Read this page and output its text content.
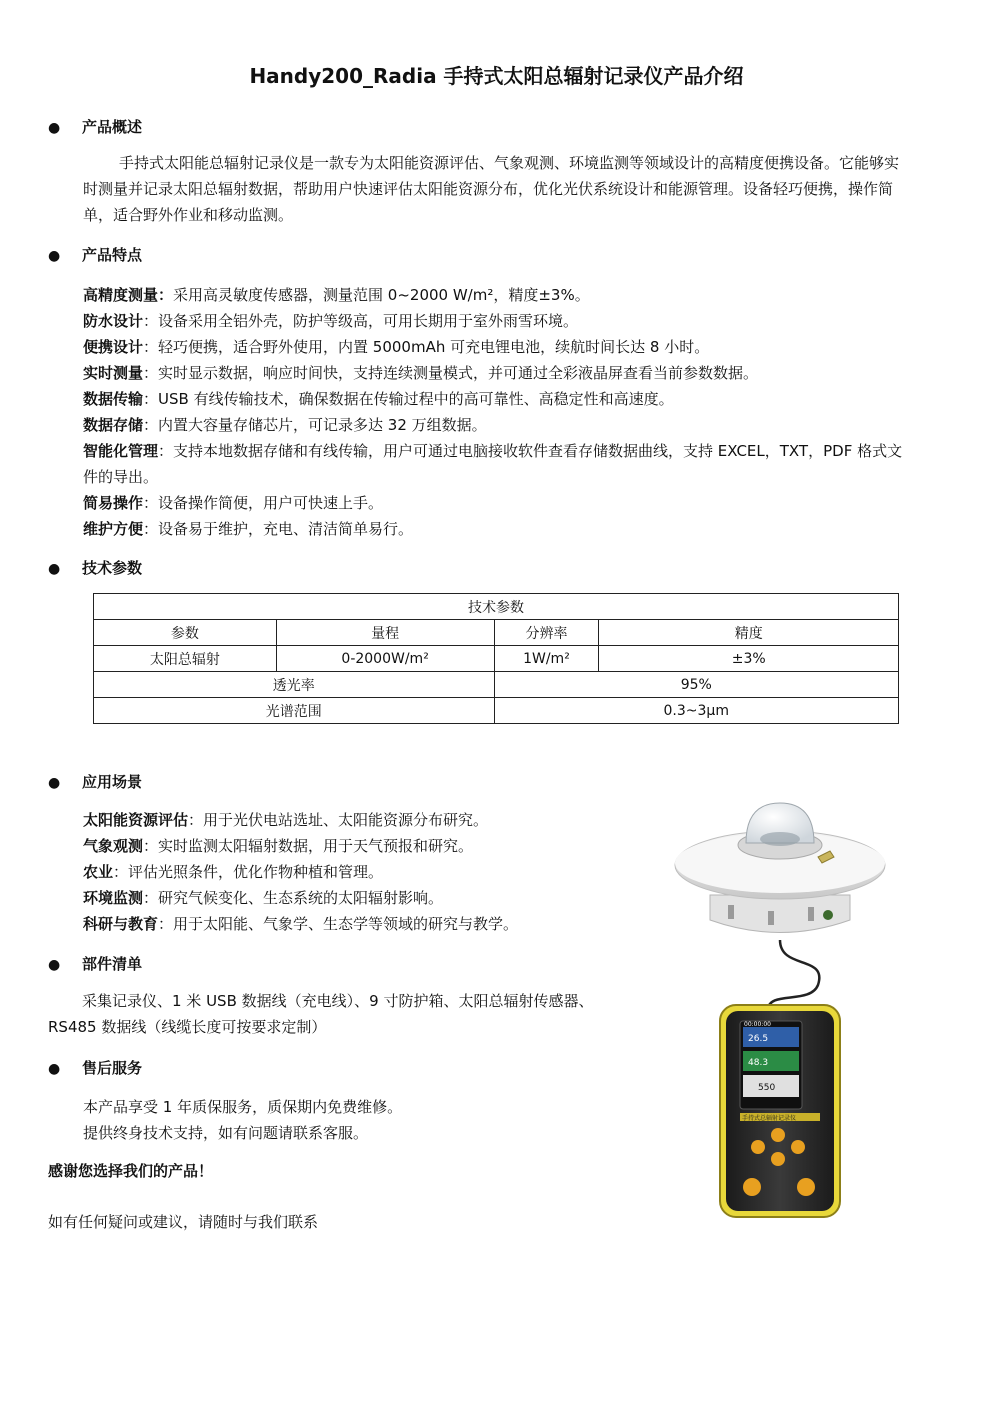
Handy200_Radia 手持式太阳总辐射记录仪产品介绍
● 产品概述
手持式太阳能总辐射记录仪是一款专为太阳能资源评估、气象观测、环境监测等领域设计的高精度便携设备。它能够实时测量并记录太阳总辐射数据，帮助用户快速评估太阳能资源分布，优化光伏系统设计和能源管理。设备轻巧便携，操作简单，适合野外作业和移动监测。
● 产品特点

高精度测量：采用高灵敏度传感器，测量范围 0~2000 W/m²，精度±3%。

防水设计：设备采用全铝外壳，防护等级高，可用长期用于室外雨雪环境。

便携设计：轻巧便携，适合野外使用，内置 5000mAh 可充电锂电池，续航时间长达 8 小时。

实时测量：实时显示数据，响应时间快，支持连续测量模式，并可通过全彩液晶屏查看当前参数数据。

数据传输：USB 有线传输技术，确保数据在传输过程中的高可靠性、高稳定性和高速度。

数据存储：内置大容量存储芯片，可记录多达 32 万组数据。

智能化管理：支持本地数据存储和有线传输，用户可通过电脑接收软件查看存储数据曲线，支持 EXCEL，TXT，PDF 格式文件的导出。

简易操作：设备操作简便，用户可快速上手。

维护方便：设备易于维护，充电、清洁简单易行。

● 技术参数
技术参数			
参数	量程	分辨率	精度
太阳总辐射	0-2000W/m²	1W/m²	±3%
透光率		95%	
光谱范围		0.3~3μm	
● 应用场景

太阳能资源评估：用于光伏电站选址、太阳能资源分布研究。

气象观测：实时监测太阳辐射数据，用于天气预报和研究。

农业：评估光照条件，优化作物种植和管理。

环境监测：研究气候变化、生态系统的太阳辐射影响。

科研与教育：用于太阳能、气象学、生态学等领域的研究与教学。

● 部件清单

采集记录仪、1 米 USB 数据线（充电线）、9 寸防护箱、太阳总辐射传感器、

RS485 数据线（线缆长度可按要求定制）

● 售后服务

本产品享受 1 年质保服务，质保期内免费维修。

提供终身技术支持，如有问题请联系客服。

感谢您选择我们的产品！
如有任何疑问或建议，请随时与我们联系
00:00:00
26.5
48.3
550
手持式总辐射记录仪
